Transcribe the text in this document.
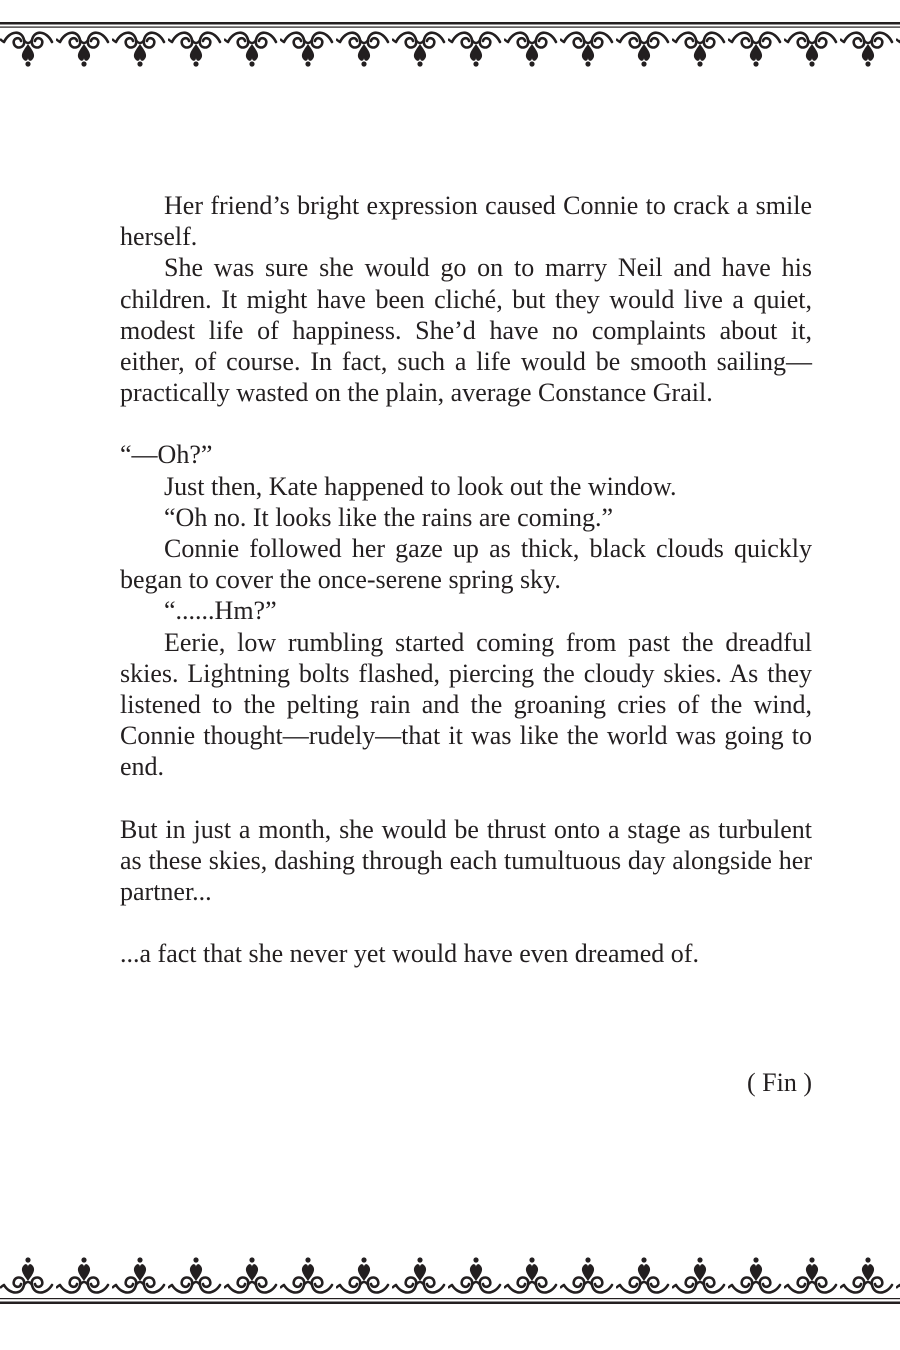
Her friend’s bright expression caused Connie to crack a smile herself.

She was sure she would go on to marry Neil and have his children. It might have been cliché, but they would live a quiet, modest life of happiness. She’d have no complaints about it, either, of course. In fact, such a life would be smooth sailing—practically wasted on the plain, average Constance Grail.

“—Oh?”

Just then, Kate happened to look out the window.

“Oh no. It looks like the rains are coming.”

Connie followed her gaze up as thick, black clouds quickly began to cover the once-serene spring sky.

“......Hm?”

Eerie, low rumbling started coming from past the dreadful skies. Lightning bolts flashed, piercing the cloudy skies. As they listened to the pelting rain and the groaning cries of the wind, Connie thought—rudely—that it was like the world was going to end.

But in just a month, she would be thrust onto a stage as turbulent as these skies, dashing through each tumultuous day alongside her partner...

...a fact that she never yet would have even dreamed of.

( Fin )
